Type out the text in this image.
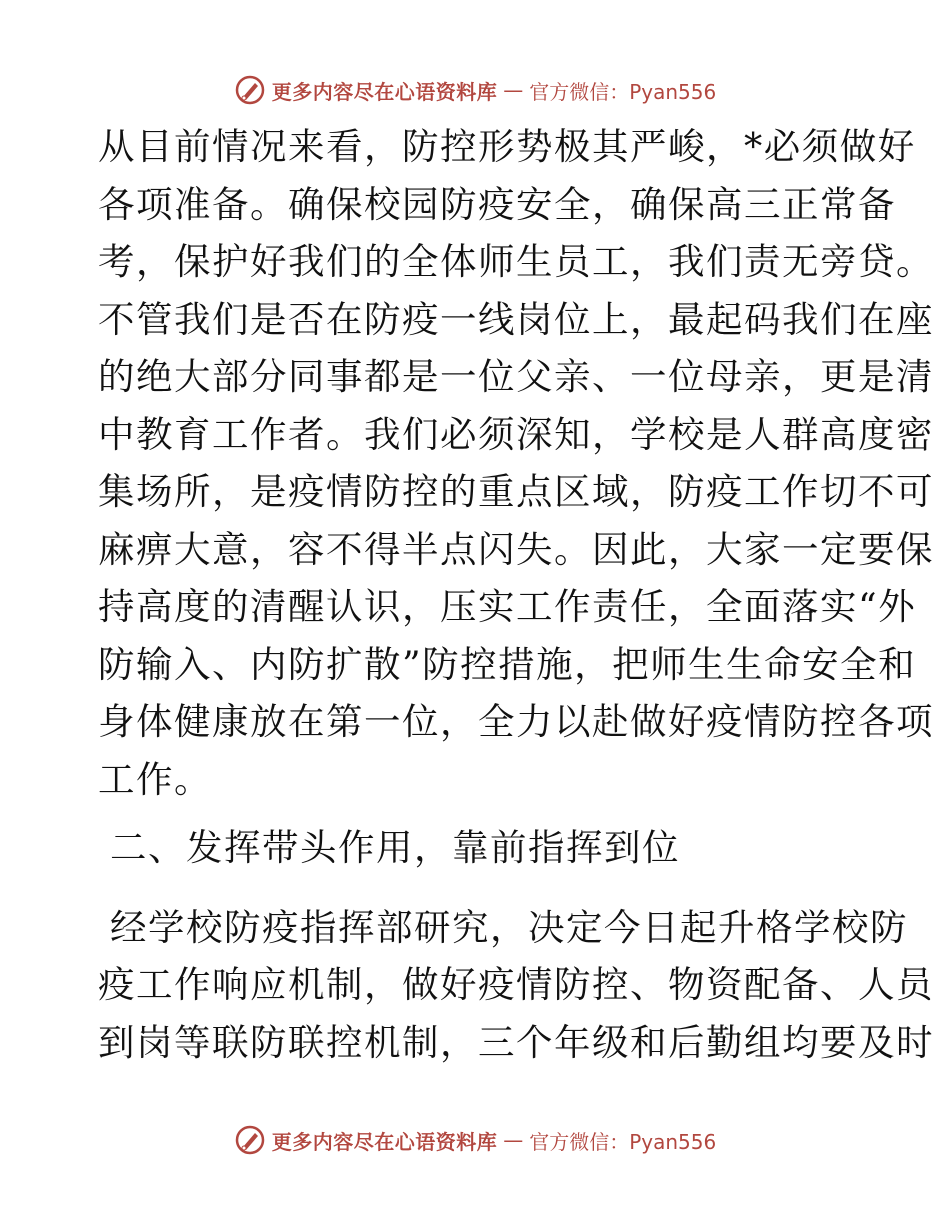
更多内容尽在心语资料库 — 官方微信：Pyan556
从目前情况来看，防控形势极其严峻，*必须做好
各项准备。确保校园防疫安全，确保高三正常备
考，保护好我们的全体师生员工，我们责无旁贷。
不管我们是否在防疫一线岗位上，最起码我们在座
的绝大部分同事都是一位父亲、一位母亲，更是清
中教育工作者。我们必须深知，学校是人群高度密
集场所，是疫情防控的重点区域，防疫工作切不可
麻痹大意，容不得半点闪失。因此，大家一定要保
持高度的清醒认识，压实工作责任，全面落实“外
防输入、内防扩散”防控措施，把师生生命安全和
身体健康放在第一位，全力以赴做好疫情防控各项
工作。
二、发挥带头作用，靠前指挥到位
经学校防疫指挥部研究，决定今日起升格学校防
疫工作响应机制，做好疫情防控、物资配备、人员
到岗等联防联控机制，三个年级和后勤组均要及时
更多内容尽在心语资料库 — 官方微信：Pyan556
